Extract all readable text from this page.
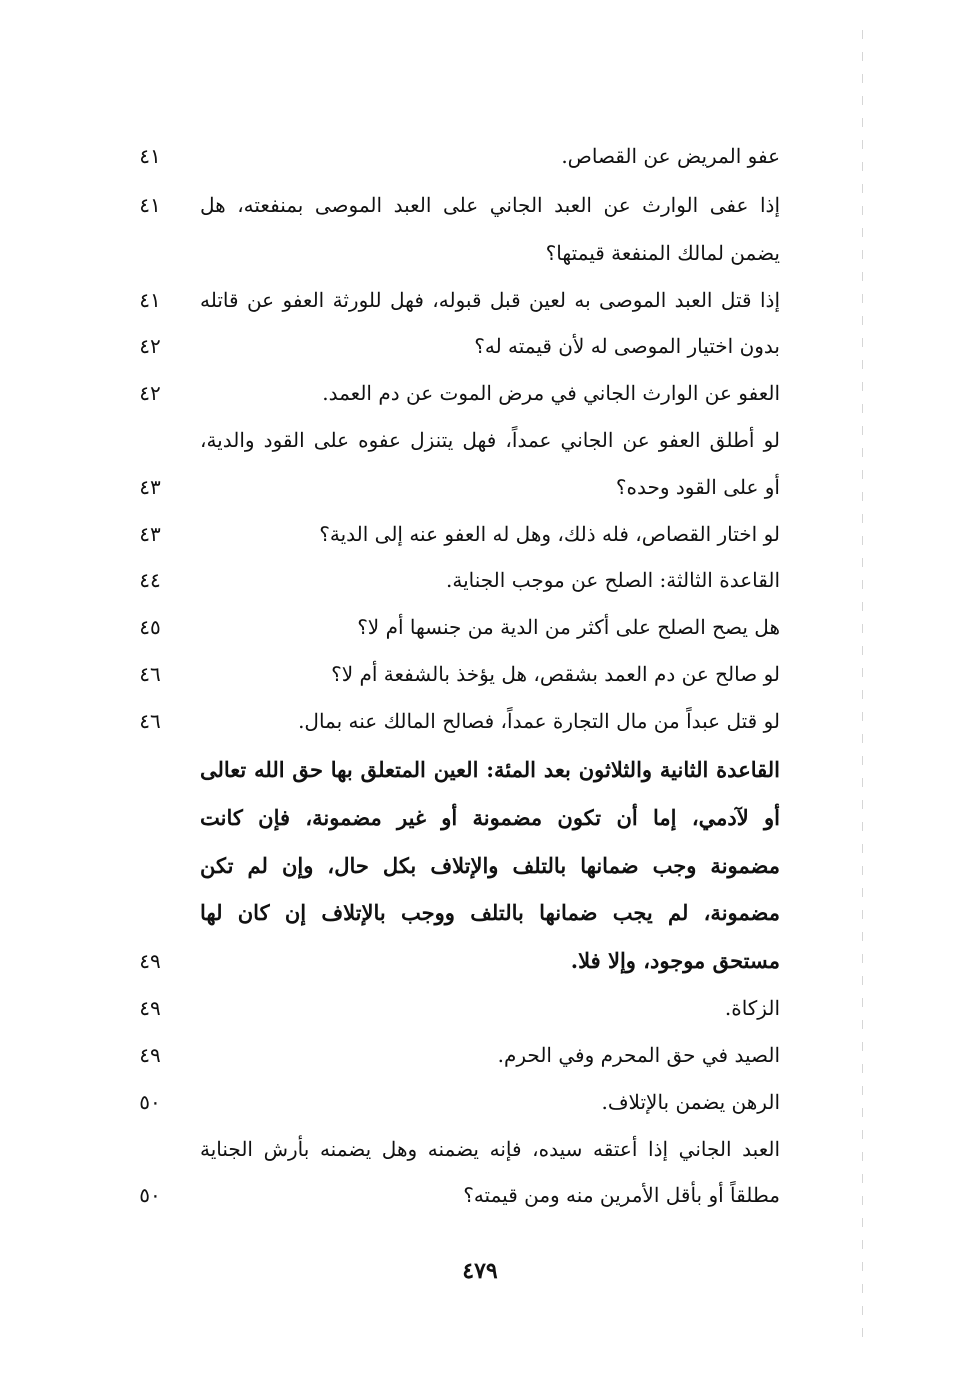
عفو المريض عن القصاص.
٤١
إذا عفى الوارث عن العبد الجاني على العبد الموصى بمنفعته، هل
٤١
يضمن لمالك المنفعة قيمتها؟
إذا قتل العبد الموصى به لعين قبل قبوله، فهل للورثة العفو عن قاتله
٤١
بدون اختيار الموصى له لأن قيمته له؟
٤٢
العفو عن الوارث الجاني في مرض الموت عن دم العمد.
٤٢
لو أطلق العفو عن الجاني عمداً، فهل يتنزل عفوه على القود والدية،
أو على القود وحده؟
٤٣
لو اختار القصاص، فله ذلك، وهل له العفو عنه إلى الدية؟
٤٣
القاعدة الثالثة: الصلح عن موجب الجناية.
٤٤
هل يصح الصلح على أكثر من الدية من جنسها أم لا؟
٤٥
لو صالح عن دم العمد بشقص، هل يؤخذ بالشفعة أم لا؟
٤٦
لو قتل عبداً من مال التجارة عمداً، فصالح المالك عنه بمال.
٤٦
القاعدة الثانية والثلاثون بعد المئة: العين المتعلق بها حق الله تعالى
أو لآدمي، إما أن تكون مضمونة أو غير مضمونة، فإن كانت
مضمونة وجب ضمانها بالتلف والإتلاف بكل حال، وإن لم تكن
مضمونة، لم يجب ضمانها بالتلف ووجب بالإتلاف إن كان لها
مستحق موجود، وإلا فلا.
٤٩
الزكاة.
٤٩
الصيد في حق المحرم وفي الحرم.
٤٩
الرهن يضمن بالإتلاف.
٥٠
العبد الجاني إذا أعتقه سيده، فإنه يضمنه وهل يضمنه بأرش الجناية
مطلقاً أو بأقل الأمرين منه ومن قيمته؟
٥٠
٤٧٩
